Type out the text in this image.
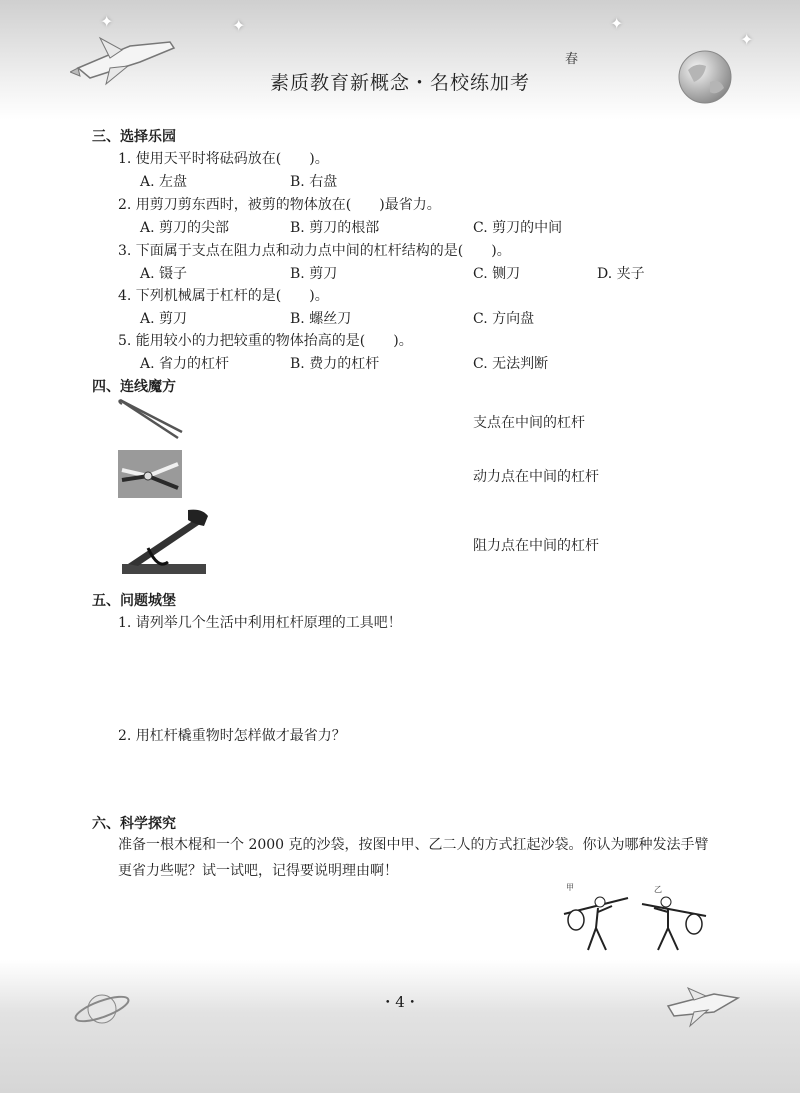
✦	✦
✦
✦
素质教育新概念・名校练加考
春
三、选择乐园
1. 使用天平时将砝码放在(　　)。
A. 左盘	B. 右盘
2. 用剪刀剪东西时，被剪的物体放在(　　)最省力。
A. 剪刀的尖部	B. 剪刀的根部	C. 剪刀的中间
3. 下面属于支点在阻力点和动力点中间的杠杆结构的是(　　)。
A. 镊子	B. 剪刀	C. 铡刀	D. 夹子
4. 下列机械属于杠杆的是(　　)。
A. 剪刀	B. 螺丝刀	C. 方向盘
5. 能用较小的力把较重的物体抬高的是(　　)。
A. 省力的杠杆	B. 费力的杠杆	C. 无法判断
四、连线魔方
支点在中间的杠杆
动力点在中间的杠杆
阻力点在中间的杠杆
五、问题城堡
1. 请列举几个生活中利用杠杆原理的工具吧！
2. 用杠杆橇重物时怎样做才最省力？
六、科学探究
准备一根木棍和一个 2000 克的沙袋，按图中甲、乙二人的方式扛起沙袋。你认为哪种发法手臂更省力些呢？试一试吧，记得要说明理由啊！
甲	乙
・4・
